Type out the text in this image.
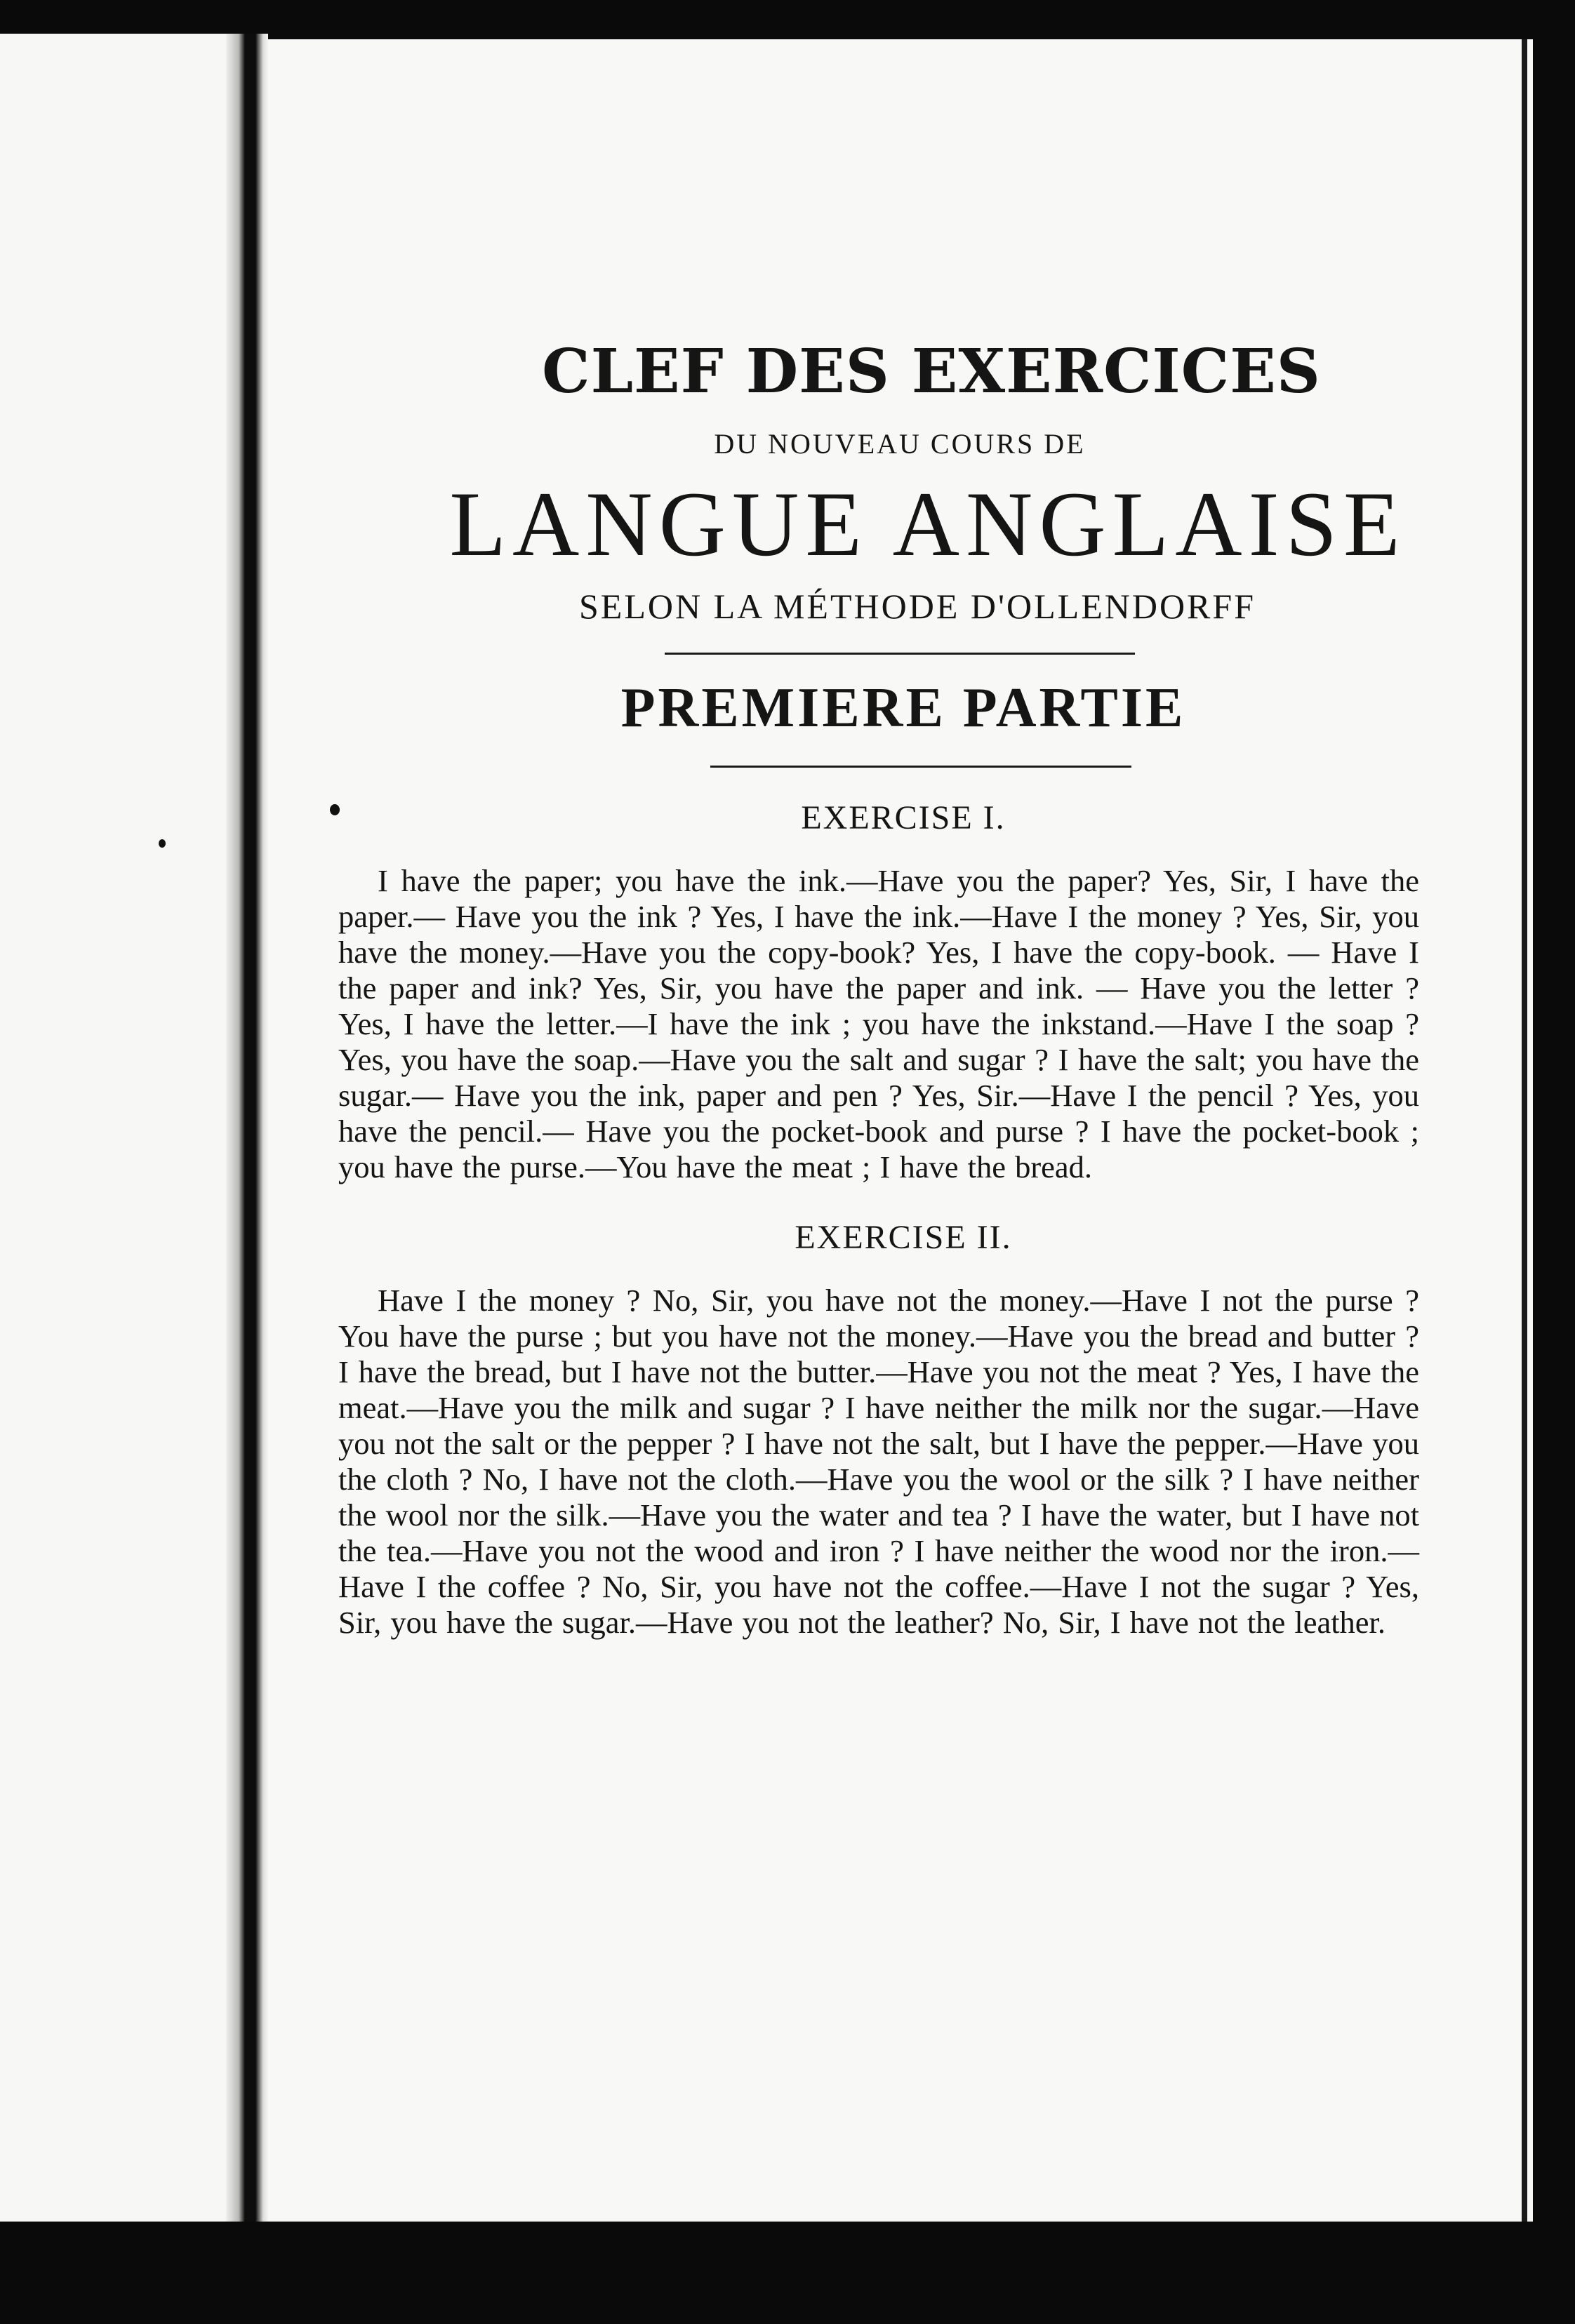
CLEF DES EXERCICES
DU NOUVEAU COURS DE
LANGUE ANGLAISE
SELON LA MÉTHODE D'OLLENDORFF
PREMIERE PARTIE
EXERCISE I.

I have the paper; you have the ink.—Have you the paper? Yes, Sir, I have the paper.— Have you the ink ? Yes, I have the ink.—Have I the money ? Yes, Sir, you have the money.—Have you the copy-book? Yes, I have the copy-book. — Have I the paper and ink? Yes, Sir, you have the paper and ink. — Have you the letter ? Yes, I have the letter.—I have the ink ; you have the inkstand.—Have I the soap ? Yes, you have the soap.—Have you the salt and sugar ? I have the salt; you have the sugar.— Have you the ink, paper and pen ? Yes, Sir.—Have I the pencil ? Yes, you have the pencil.— Have you the pocket-book and purse ? I have the pocket-book ; you have the purse.—You have the meat ; I have the bread.

EXERCISE II.

Have I the money ? No, Sir, you have not the money.—Have I not the purse ? You have the purse ; but you have not the money.—Have you the bread and butter ? I have the bread, but I have not the butter.—Have you not the meat ? Yes, I have the meat.—Have you the milk and sugar ? I have neither the milk nor the sugar.—Have you not the salt or the pepper ? I have not the salt, but I have the pepper.—Have you the cloth ? No, I have not the cloth.—Have you the wool or the silk ? I have neither the wool nor the silk.—Have you the water and tea ? I have the water, but I have not the tea.—Have you not the wood and iron ? I have neither the wood nor the iron.—Have I the coffee ? No, Sir, you have not the coffee.—Have I not the sugar ? Yes, Sir, you have the sugar.—Have you not the leather? No, Sir, I have not the leather.
